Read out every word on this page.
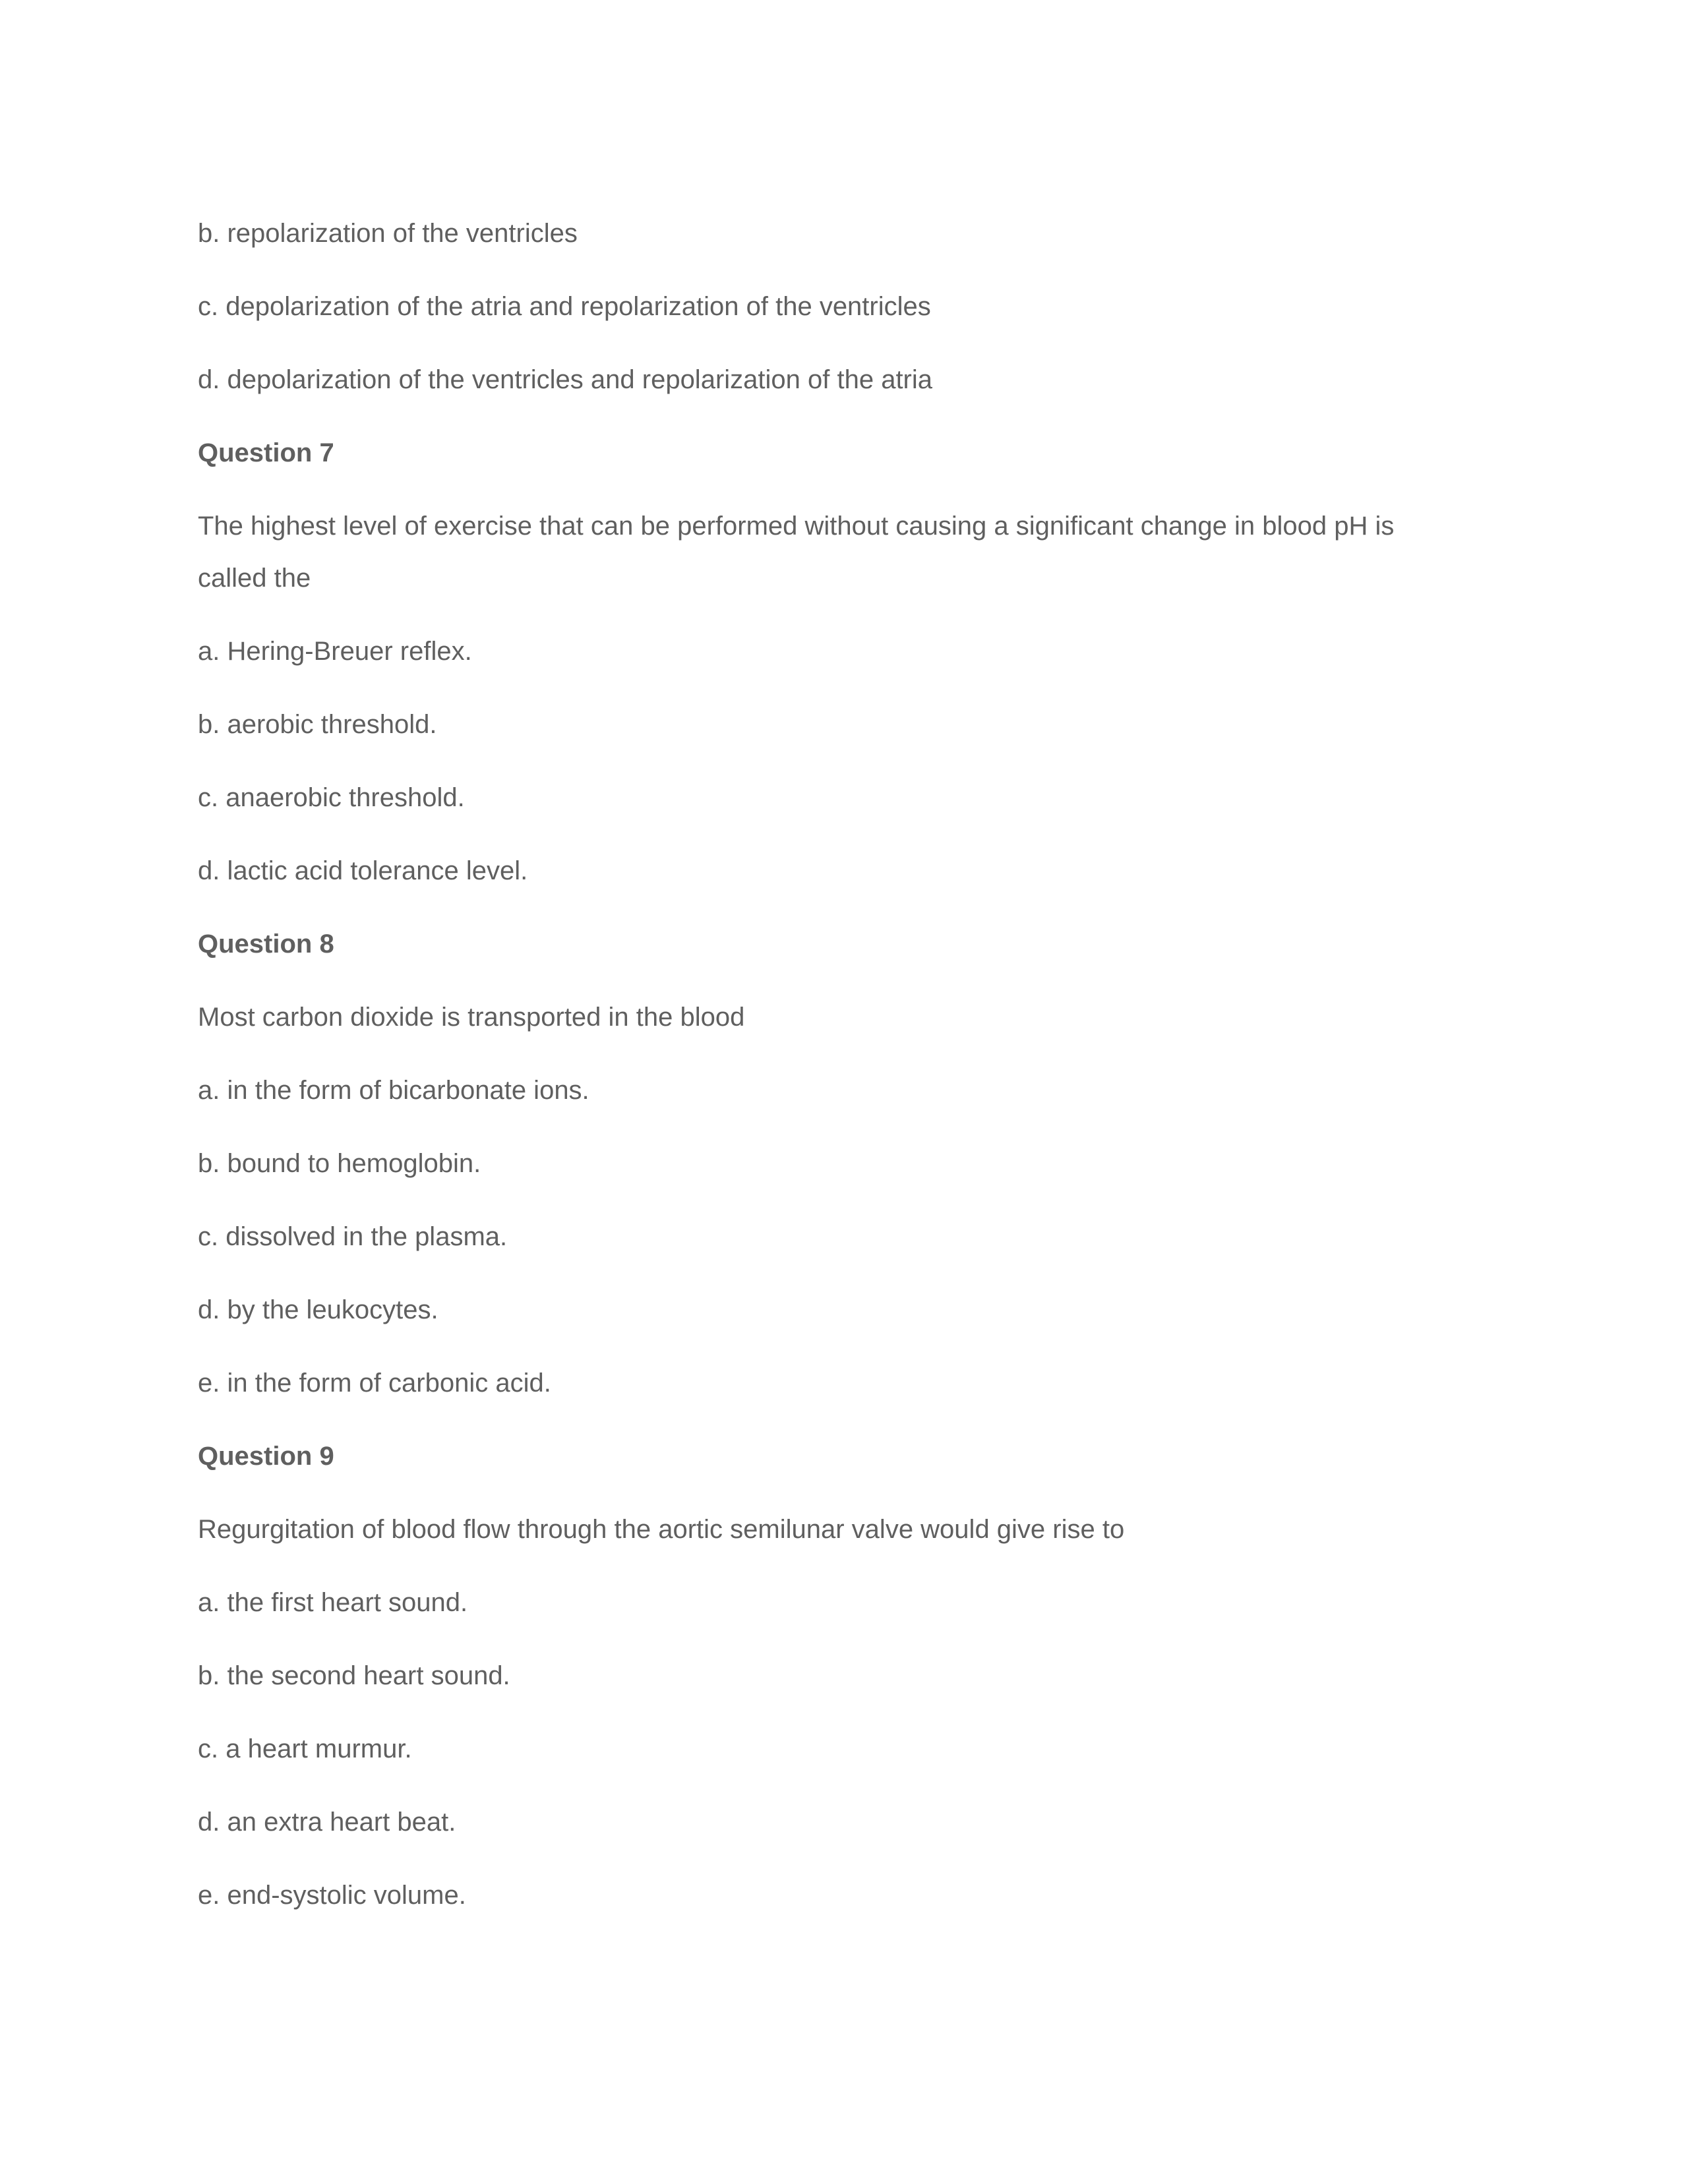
b. repolarization of the ventricles

c. depolarization of the atria and repolarization of the ventricles

d. depolarization of the ventricles and repolarization of the atria

Question 7

The highest level of exercise that can be performed without causing a significant change in blood pH is

called the

a. Hering-Breuer reflex.

b. aerobic threshold.

c. anaerobic threshold.

d. lactic acid tolerance level.

Question 8

Most carbon dioxide is transported in the blood

a. in the form of bicarbonate ions.

b. bound to hemoglobin.

c. dissolved in the plasma.

d. by the leukocytes.

e. in the form of carbonic acid.

Question 9

Regurgitation of blood flow through the aortic semilunar valve would give rise to

a. the first heart sound.

b. the second heart sound.

c. a heart murmur.

d. an extra heart beat.

e. end-systolic volume.
